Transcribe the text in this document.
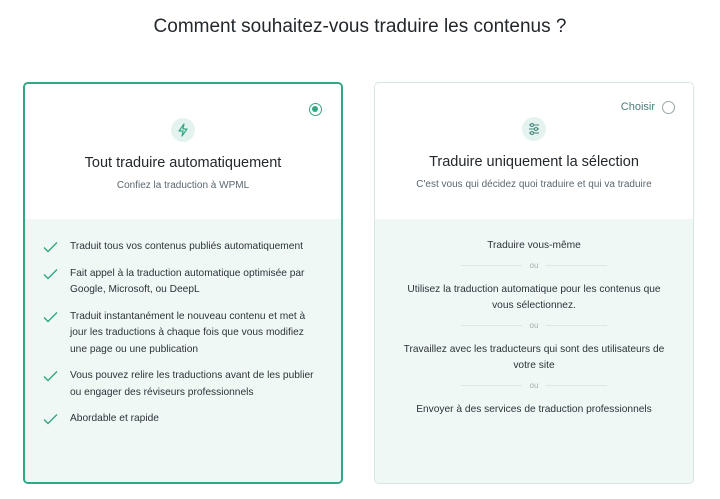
Comment souhaitez-vous traduire les contenus ?
Tout traduire automatiquement
Confiez la traduction à WPML
Traduit tous vos contenus publiés automatiquement
Fait appel à la traduction automatique optimisée par Google, Microsoft, ou DeepL
Traduit instantanément le nouveau contenu et met à jour les traductions à chaque fois que vous modifiez une page ou une publication
Vous pouvez relire les traductions avant de les publier ou engager des réviseurs professionnels
Abordable et rapide
Choisir
Traduire uniquement la sélection
C'est vous qui décidez quoi traduire et qui va traduire
Traduire vous-même
ou
Utilisez la traduction automatique pour les contenus que vous sélectionnez.
ou
Travaillez avec les traducteurs qui sont des utilisateurs de votre site
ou
Envoyer à des services de traduction professionnels
